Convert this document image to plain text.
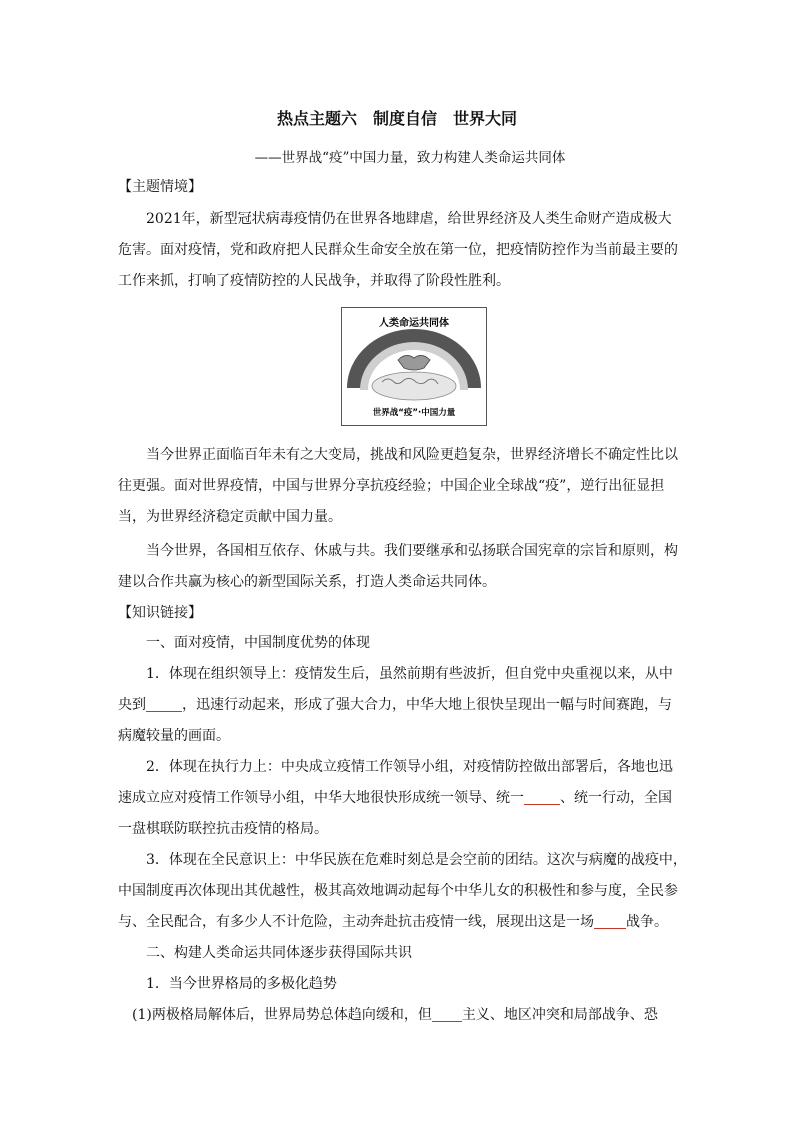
热点主题六　制度自信　世界大同
——世界战“疫”中国力量，致力构建人类命运共同体
【主题情境】
2021年，新型冠状病毒疫情仍在世界各地肆虐，给世界经济及人类生命财产造成极大
危害。面对疫情，党和政府把人民群众生命安全放在第一位，把疫情防控作为当前最主要的
工作来抓，打响了疫情防控的人民战争，并取得了阶段性胜利。
人类命运共同体
世界战“疫”·中国力量
当今世界正面临百年未有之大变局，挑战和风险更趋复杂，世界经济增长不确定性比以
往更强。面对世界疫情，中国与世界分享抗疫经验；中国企业全球战“疫”，逆行出征显担
当，为世界经济稳定贡献中国力量。
当今世界，各国相互依存、休戚与共。我们要继承和弘扬联合国宪章的宗旨和原则，构
建以合作共赢为核心的新型国际关系，打造人类命运共同体。
【知识链接】
一、面对疫情，中国制度优势的体现
1．体现在组织领导上：疫情发生后，虽然前期有些波折，但自党中央重视以来，从中
央到	，迅速行动起来，形成了强大合力，中华大地上很快呈现出一幅与时间赛跑，与
病魔较量的画面。
2．体现在执行力上：中央成立疫情工作领导小组，对疫情防控做出部署后，各地也迅
速成立应对疫情工作领导小组，中华大地很快形成统一领导、统一	、统一行动，全国
一盘棋联防联控抗击疫情的格局。
3．体现在全民意识上：中华民族在危难时刻总是会空前的团结。这次与病魔的战疫中，
中国制度再次体现出其优越性，极其高效地调动起每个中华儿女的积极性和参与度，全民参
与、全民配合，有多少人不计危险，主动奔赴抗击疫情一线，展现出这是一场 战争。
二、构建人类命运共同体逐步获得国际共识
1．当今世界格局的多极化趋势
(1)两极格局解体后，世界局势总体趋向缓和，但 主义、地区冲突和局部战争、恐
